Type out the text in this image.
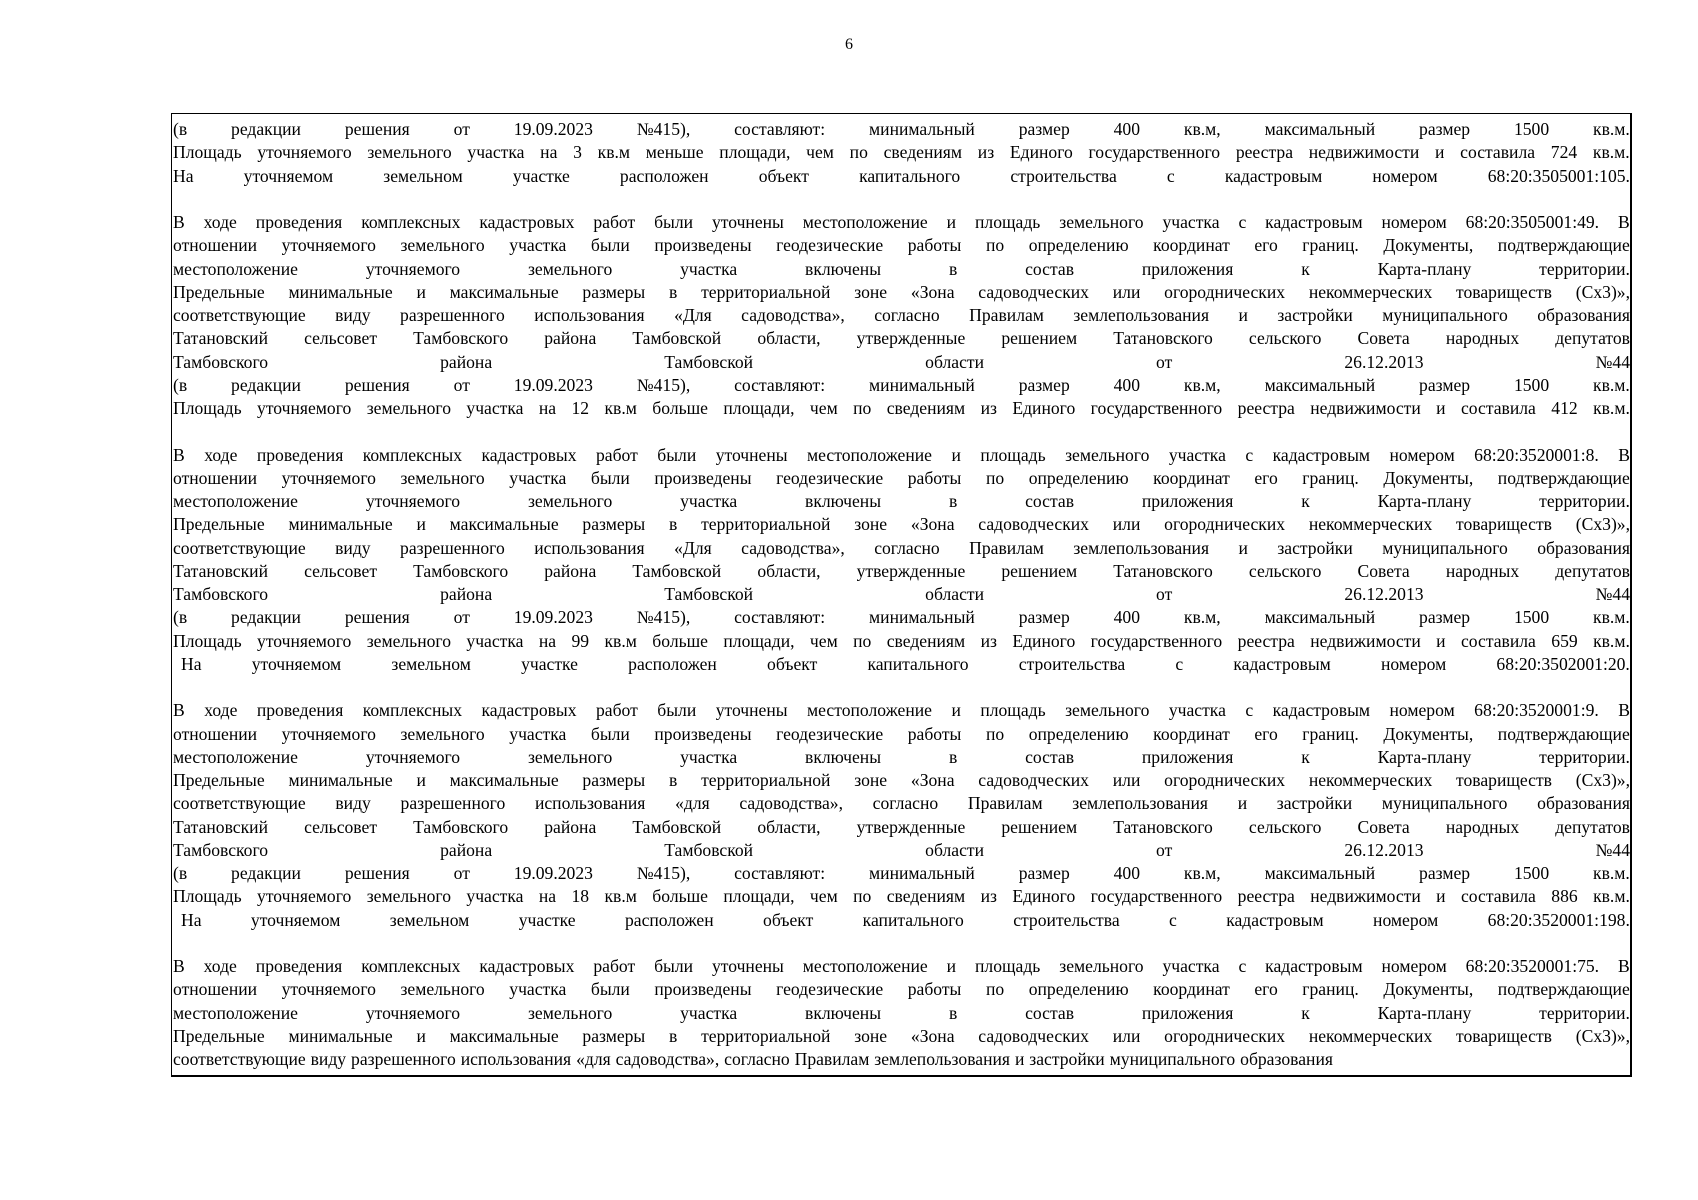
6
(в редакции решения от 19.09.2023 №415), составляют: минимальный размер 400 кв.м, максимальный размер 1500 кв.м.
Площадь уточняемого земельного участка на 3 кв.м меньше площади, чем по сведениям из Единого государственного реестра недвижимости и составила 724 кв.м.
На	уточняемом	земельном	участке	расположен	объект	капитального	строительства	с	кадастровым	номером	68:20:3505001:105.
В ходе проведения комплексных кадастровых работ были уточнены местоположение и площадь земельного участка с кадастровым номером 68:20:3505001:49. В
отношении уточняемого земельного участка были произведены геодезические работы по определению координат его границ. Документы, подтверждающие
местоположение	уточняемого	земельного	участка	включены	в	состав	приложения	к	Карта-плану	территории.
Предельные минимальные и максимальные размеры в территориальной зоне «Зона садоводческих или огороднических некоммерческих товариществ (Сх3)»,
соответствующие виду разрешенного использования «Для садоводства», согласно Правилам землепользования и застройки муниципального образования
Татановский сельсовет Тамбовского района Тамбовской области, утвержденные решением Татановского сельского Совета народных депутатов
Тамбовского	района	Тамбовской	области	от	26.12.2013	№44
(в редакции решения от 19.09.2023 №415), составляют: минимальный размер 400 кв.м, максимальный размер 1500 кв.м.
Площадь уточняемого земельного участка на 12 кв.м больше площади, чем по сведениям из Единого государственного реестра недвижимости и составила 412 кв.м.
В ходе проведения комплексных кадастровых работ были уточнены местоположение и площадь земельного участка с кадастровым номером 68:20:3520001:8. В
отношении уточняемого земельного участка были произведены геодезические работы по определению координат его границ. Документы, подтверждающие
местоположение	уточняемого	земельного	участка	включены	в	состав	приложения	к	Карта-плану	территории.
Предельные минимальные и максимальные размеры в территориальной зоне «Зона садоводческих или огороднических некоммерческих товариществ (Сх3)»,
соответствующие виду разрешенного использования «Для садоводства», согласно Правилам землепользования и застройки муниципального образования
Татановский сельсовет Тамбовского района Тамбовской области, утвержденные решением Татановского сельского Совета народных депутатов
Тамбовского	района	Тамбовской	области	от	26.12.2013	№44
(в редакции решения от 19.09.2023 №415), составляют: минимальный размер 400 кв.м, максимальный размер 1500 кв.м.
Площадь уточняемого земельного участка на 99 кв.м больше площади, чем по сведениям из Единого государственного реестра недвижимости и составила 659 кв.м.
На	уточняемом	земельном	участке	расположен	объект	капитального	строительства	с	кадастровым	номером	68:20:3502001:20.
В ходе проведения комплексных кадастровых работ были уточнены местоположение и площадь земельного участка с кадастровым номером 68:20:3520001:9. В
отношении уточняемого земельного участка были произведены геодезические работы по определению координат его границ. Документы, подтверждающие
местоположение	уточняемого	земельного	участка	включены	в	состав	приложения	к	Карта-плану	территории.
Предельные минимальные и максимальные размеры в территориальной зоне «Зона садоводческих или огороднических некоммерческих товариществ (Сх3)»,
соответствующие виду разрешенного использования «для садоводства», согласно Правилам землепользования и застройки муниципального образования
Татановский сельсовет Тамбовского района Тамбовской области, утвержденные решением Татановского сельского Совета народных депутатов
Тамбовского	района	Тамбовской	области	от	26.12.2013	№44
(в редакции решения от 19.09.2023 №415), составляют: минимальный размер 400 кв.м, максимальный размер 1500 кв.м.
Площадь уточняемого земельного участка на 18 кв.м больше площади, чем по сведениям из Единого государственного реестра недвижимости и составила 886 кв.м.
На	уточняемом	земельном	участке	расположен	объект	капитального	строительства	с	кадастровым	номером	68:20:3520001:198.
В ходе проведения комплексных кадастровых работ были уточнены местоположение и площадь земельного участка с кадастровым номером 68:20:3520001:75. В
отношении уточняемого земельного участка были произведены геодезические работы по определению координат его границ. Документы, подтверждающие
местоположение	уточняемого	земельного	участка	включены	в	состав	приложения	к	Карта-плану	территории.
Предельные минимальные и максимальные размеры в территориальной зоне «Зона садоводческих или огороднических некоммерческих товариществ (Сх3)»,
соответствующие виду разрешенного использования «для садоводства», согласно Правилам землепользования и застройки муниципального образования
